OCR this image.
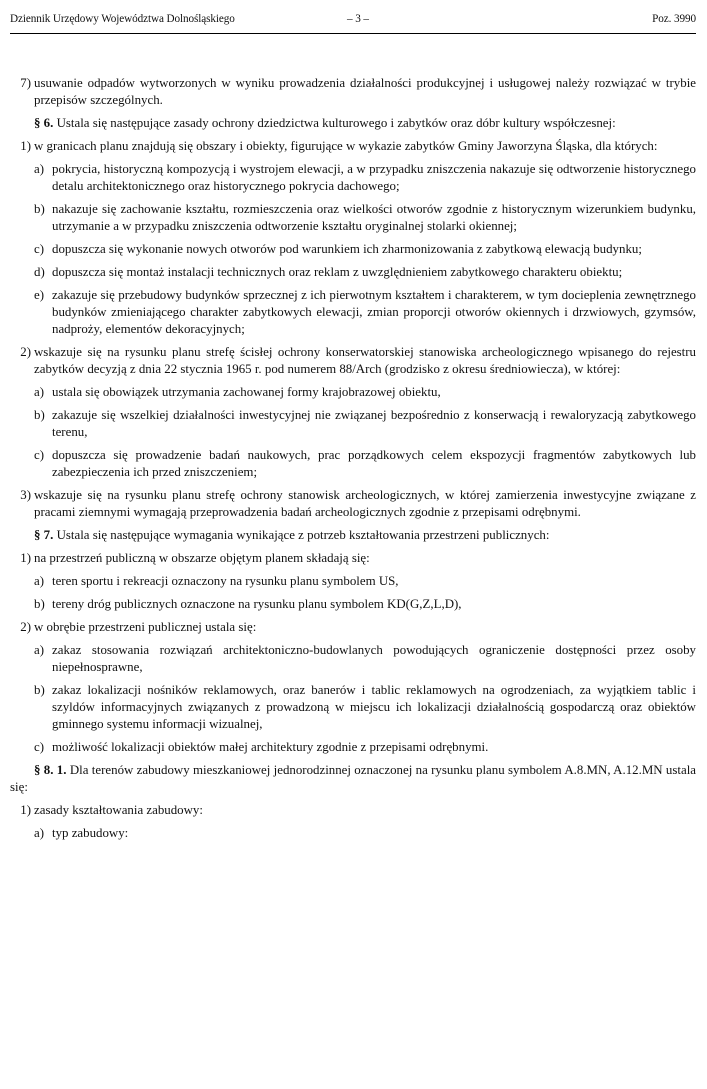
Dziennik Urzędowy Województwa Dolnośląskiego	– 3 –	Poz. 3990
7) usuwanie odpadów wytworzonych w wyniku prowadzenia działalności produkcyjnej i usługowej należy rozwiązać w trybie przepisów szczególnych.
§ 6. Ustala się następujące zasady ochrony dziedzictwa kulturowego i zabytków oraz dóbr kultury współczesnej:
1) w granicach planu znajdują się obszary i obiekty, figurujące w wykazie zabytków Gminy Jaworzyna Śląska, dla których:
a) pokrycia, historyczną kompozycją i wystrojem elewacji, a w przypadku zniszczenia nakazuje się odtworzenie historycznego detalu architektonicznego oraz historycznego pokrycia dachowego;
b) nakazuje się zachowanie kształtu, rozmieszczenia oraz wielkości otworów zgodnie z historycznym wizerunkiem budynku, utrzymanie a w przypadku zniszczenia odtworzenie kształtu oryginalnej stolarki okiennej;
c) dopuszcza się wykonanie nowych otworów pod warunkiem ich zharmonizowania z zabytkową elewacją budynku;
d) dopuszcza się montaż instalacji technicznych oraz reklam z uwzględnieniem zabytkowego charakteru obiektu;
e) zakazuje się przebudowy budynków sprzecznej z ich pierwotnym kształtem i charakterem, w tym docieplenia zewnętrznego budynków zmieniającego charakter zabytkowych elewacji, zmian proporcji otworów okiennych i drzwiowych, gzymsów, nadproży, elementów dekoracyjnych;
2) wskazuje się na rysunku planu strefę ścisłej ochrony konserwatorskiej stanowiska archeologicznego wpisanego do rejestru zabytków decyzją z dnia 22 stycznia 1965 r. pod numerem 88/Arch (grodzisko z okresu średniowiecza), w której:
a) ustala się obowiązek utrzymania zachowanej formy krajobrazowej obiektu,
b) zakazuje się wszelkiej działalności inwestycyjnej nie związanej bezpośrednio z konserwacją i rewaloryzacją zabytkowego terenu,
c) dopuszcza się prowadzenie badań naukowych, prac porządkowych celem ekspozycji fragmentów zabytkowych lub zabezpieczenia ich przed zniszczeniem;
3) wskazuje się na rysunku planu strefę ochrony stanowisk archeologicznych, w której zamierzenia inwestycyjne związane z pracami ziemnymi wymagają przeprowadzenia badań archeologicznych zgodnie z przepisami odrębnymi.
§ 7. Ustala się następujące wymagania wynikające z potrzeb kształtowania przestrzeni publicznych:
1) na przestrzeń publiczną w obszarze objętym planem składają się:
a) teren sportu i rekreacji oznaczony na rysunku planu symbolem US,
b) tereny dróg publicznych oznaczone na rysunku planu symbolem KD(G,Z,L,D),
2) w obrębie przestrzeni publicznej ustala się:
a) zakaz stosowania rozwiązań architektoniczno-budowlanych powodujących ograniczenie dostępności przez osoby niepełnosprawne,
b) zakaz lokalizacji nośników reklamowych, oraz banerów i tablic reklamowych na ogrodzeniach, za wyjątkiem tablic i szyldów informacyjnych związanych z prowadzoną w miejscu ich lokalizacji działalnością gospodarczą oraz obiektów gminnego systemu informacji wizualnej,
c) możliwość lokalizacji obiektów małej architektury zgodnie z przepisami odrębnymi.
§ 8. 1. Dla terenów zabudowy mieszkaniowej jednorodzinnej oznaczonej na rysunku planu symbolem A.8.MN, A.12.MN ustala się:
1) zasady kształtowania zabudowy:
a) typ zabudowy:
